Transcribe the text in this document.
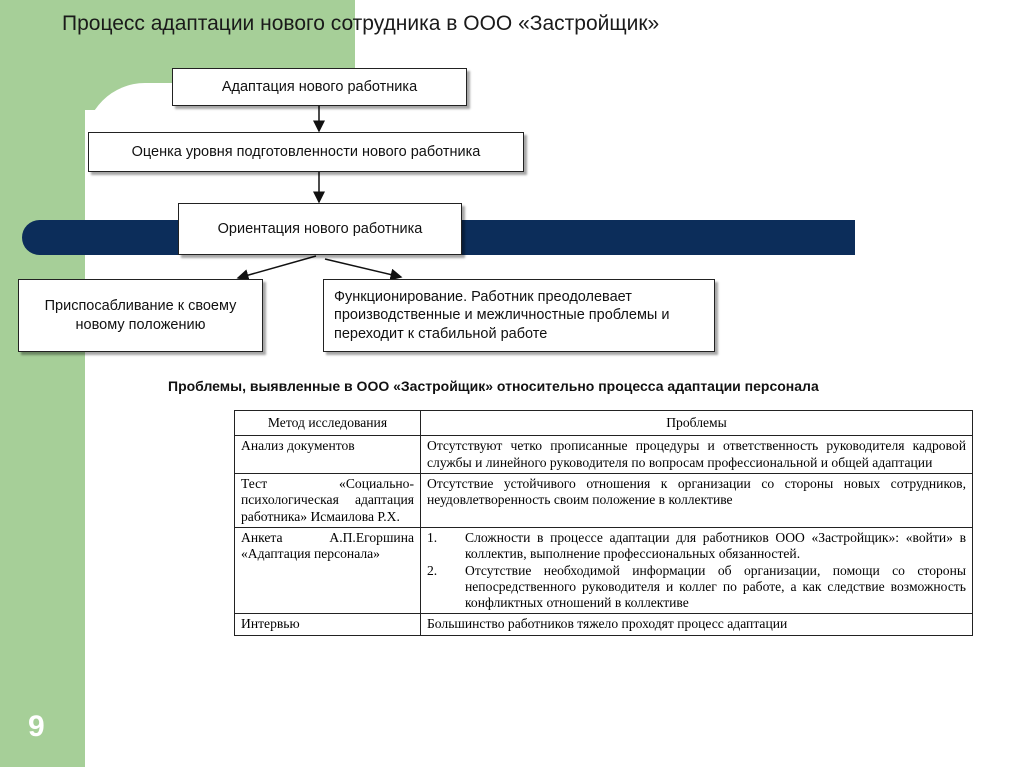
Процесс адаптации нового сотрудника в ООО «Застройщик»
9
Адаптация нового работника
Оценка уровня подготовленности нового работника
Ориентация нового работника
Приспосабливание к своему новому положению
Функционирование. Работник преодолевает производственные и межличностные проблемы и переходит к стабильной работе
Проблемы, выявленные в ООО «Застройщик» относительно процесса адаптации персонала
Метод исследования	Проблемы
Анализ документов	Отсутствуют четко прописанные процедуры и ответственность руководителя кадровой службы и линейного руководителя по вопросам профессиональной и общей адаптации
Тест «Социально-психологическая адаптация работника» Исмаилова Р.Х.	Отсутствие устойчивого отношения к организации со стороны новых сотрудников, неудовлетворенность своим положение в коллективе
Анкета А.П.Егоршина «Адаптация персонала»	1. Сложности в процессе адаптации для работников ООО «Застройщик»: «войти» в коллектив, выполнение профессиональных обязанностей.
2. Отсутствие необходимой информации об организации, помощи со стороны непосредственного руководителя и коллег по работе, а как следствие возможность конфликтных отношений в коллективе

Интервью	Большинство работников тяжело проходят процесс адаптации
